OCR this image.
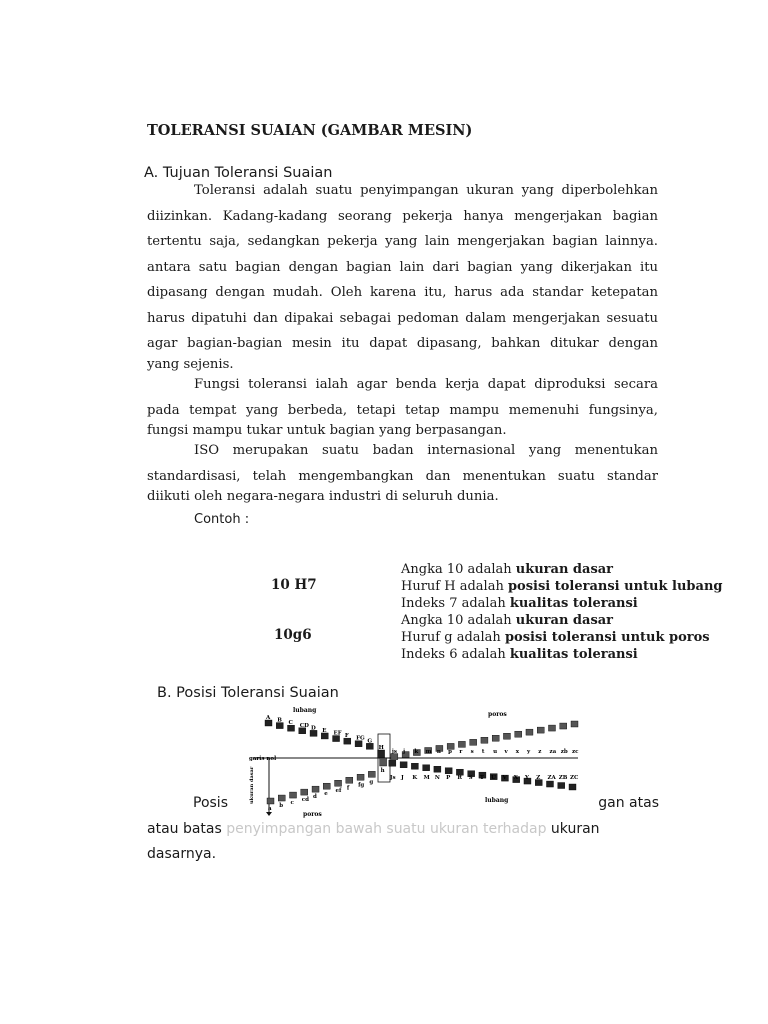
TOLERANSI SUAIAN (GAMBAR MESIN)
A. Tujuan Toleransi Suaian
Toleransi adalah suatu penyimpangan ukuran yang diperbolehkan
diizinkan. Kadang-kadang seorang pekerja hanya mengerjakan bagian
tertentu saja, sedangkan pekerja yang lain mengerjakan bagian lainnya.
antara satu bagian dengan bagian lain dari bagian yang dikerjakan itu
dipasang dengan mudah. Oleh karena itu, harus ada standar ketepatan
harus dipatuhi dan dipakai sebagai pedoman dalam mengerjakan sesuatu
agar bagian-bagian mesin itu dapat dipasang, bahkan ditukar dengan
yang sejenis.
Fungsi toleransi ialah agar benda kerja dapat diproduksi secara
pada tempat yang berbeda, tetapi tetap mampu memenuhi fungsinya,
fungsi mampu tukar untuk bagian yang berpasangan.
ISO merupakan suatu badan internasional yang menentukan
standardisasi, telah mengembangkan dan menentukan suatu standar
diikuti oleh negara-negara industri di seluruh dunia.
Contoh :
10 H7
Angka 10 adalah ukuran dasar
Huruf H adalah posisi toleransi untuk lubang
Indeks 7 adalah kualitas toleransi
Angka 10 adalah ukuran dasar
Huruf g adalah posisi toleransi untuk poros
Indeks 6 adalah kualitas toleransi
10g6
B. Posisi Toleransi Suaian
Posis	gan atas
atau batas penyimpangan bawah suatu ukuran terhadap ukuran
dasarnya.
lubang
poros
garis nol
ukuran dasar
poros
lubang
A B C CD D E EF F FG G
H
Js J K M N P R S T U V X Y Z ZA ZB ZC
a b c cd d e ef f fg g
h
js j k m n p r s t u v x y z za zb zc
